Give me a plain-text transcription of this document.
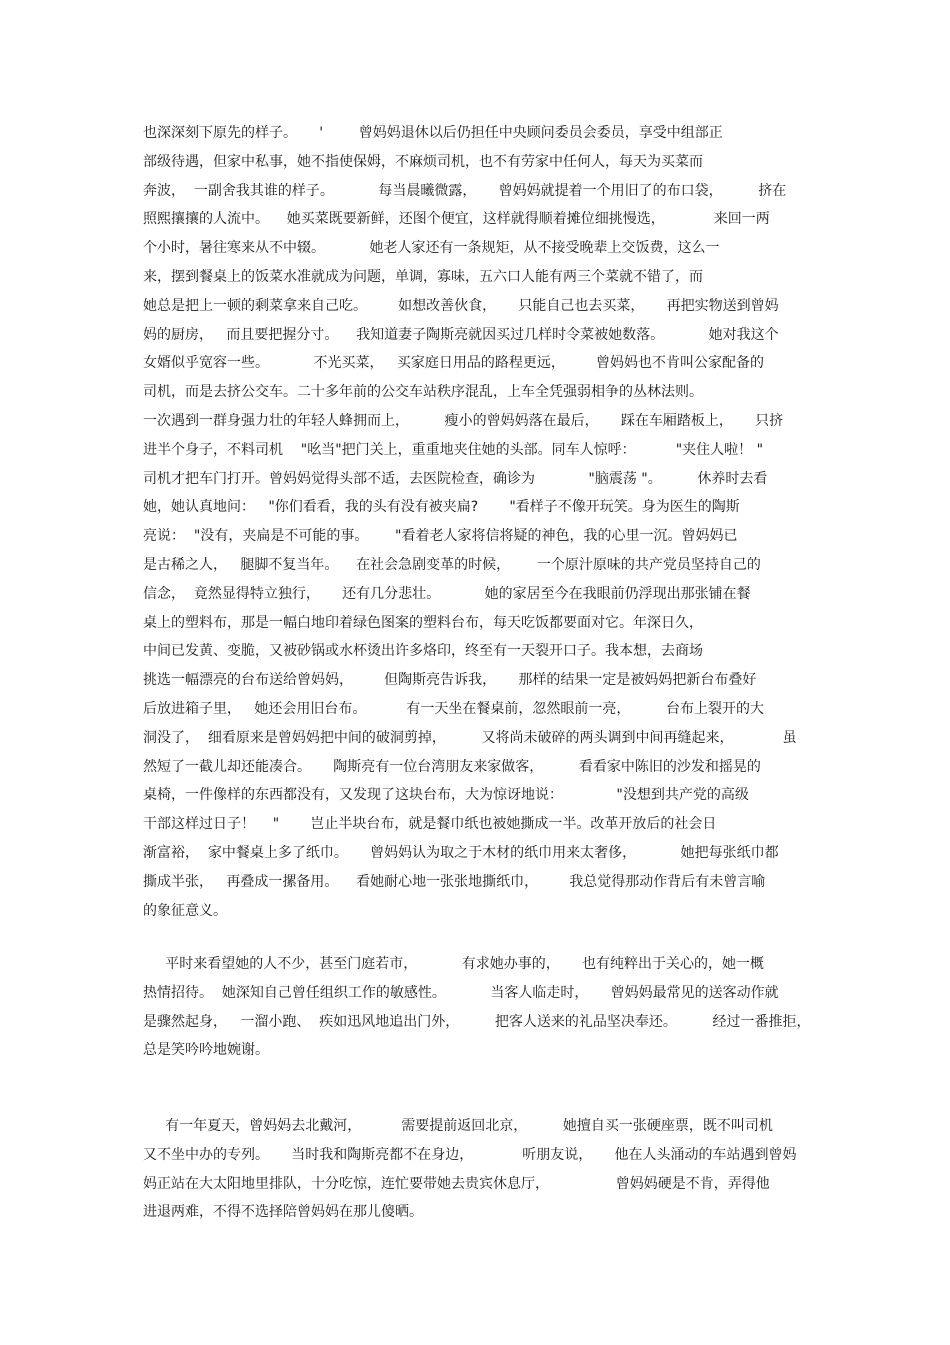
也深深刻下原先的样子。     '        曾妈妈退休以后仍担任中央顾问委员会委员，享受中组部正
部级待遇，但家中私事，她不指使保姆，不麻烦司机，也不有劳家中任何人，每天为买菜而
奔波，  一副舍我其谁的样子。          每当晨曦微露，     曾妈妈就提着一个用旧了的布口袋，        挤在
照熙攘攘的人流中。    她买菜既要新鲜，还图个便宜，这样就得顺着摊位细挑慢选，           来回一两
个小时，暑往寒来从不中辍。          她老人家还有一条规矩，从不接受晚辈上交饭费，这么一
来，摆到餐桌上的饭菜水准就成为问题，单调，寡味，五六口人能有两三个菜就不错了，而
她总是把上一顿的剩菜拿来自己吃。       如想改善伙食，     只能自己也去买菜，     再把实物送到曾妈
妈的厨房，   而且要把握分寸。    我知道妻子陶斯亮就因买过几样时令菜被她数落。          她对我这个
女婿似乎宽容一些。          不光买菜，   买家庭日用品的路程更远，       曾妈妈也不肯叫公家配备的
司机，而是去挤公交车。二十多年前的公交车站秩序混乱，上车全凭强弱相争的丛林法则。
一次遇到一群身强力壮的年轻人蜂拥而上，        瘦小的曾妈妈落在最后，     踩在车厢踏板上，     只挤
进半个身子，不料司机    "吆当"把门关上，重重地夹住她的头部。同车人惊呼：         "夹住人啦！ "
司机才把车门打开。曾妈妈觉得头部不适，去医院检查，确诊为            "脑震荡 "。        休养时去看
她，她认真地问：   "你们看看，我的头有没有被夹扁?       "看样子不像开玩笑。身为医生的陶斯
亮说：  "没有，夹扁是不可能的事。      "看着老人家将信将疑的神色，我的心里一沉。曾妈妈已
是古稀之人，   腿脚不复当年。    在社会急剧变革的时候，      一个原汁原味的共产党员坚持自己的
信念，  竟然显得特立独行，     还有几分悲壮。          她的家居至今在我眼前仍浮现出那张铺在餐
桌上的塑料布，那是一幅白地印着绿色图案的塑料台布，每天吃饭都要面对它。年深日久，
中间已发黄、变脆，又被砂锅或水杯烫出许多烙印，终至有一天裂开口子。我本想，去商场
挑选一幅漂亮的台布送给曾妈妈，       但陶斯亮告诉我，     那样的结果一定是被妈妈把新台布叠好
后放进箱子里，   她还会用旧台布。         有一天坐在餐桌前，忽然眼前一亮，        台布上裂开的大
洞没了，  细看原来是曾妈妈把中间的破洞剪掉，        又将尚未破碎的两头调到中间再缝起来，           虽
然短了一截儿却还能凑合。     陶斯亮有一位台湾朋友来家做客，        看看家中陈旧的沙发和摇晃的
桌椅，一件像样的东西都没有，又发现了这块台布，大为惊讶地说：            "没想到共产党的高级
干部这样过日子！    "       岂止半块台布，就是餐巾纸也被她撕成一半。改革开放后的社会日
渐富裕，  家中餐桌上多了纸巾。     曾妈妈认为取之于木材的纸巾用来太奢侈，          她把每张纸巾都
撕成半张，   再叠成一摞备用。    看她耐心地一张张地撕纸巾，       我总觉得那动作背后有未曾言喻
的象征意义。
平时来看望她的人不少，甚至门庭若市，          有求她办事的，     也有纯粹出于关心的，她一概
热情招待。  她深知自己曾任组织工作的敏感性。          当客人临走时，     曾妈妈最常见的送客动作就
是骤然起身，   一溜小跑、  疾如迅风地追出门外，        把客人送来的礼品坚决奉还。        经过一番推拒，
总是笑吟吟地婉谢。
有一年夏天，曾妈妈去北戴河，         需要提前返回北京，        她擅自买一张硬座票，既不叫司机
又不坐中办的专列。     当时我和陶斯亮都不在身边，           听朋友说，     他在人头涌动的车站遇到曾妈
妈正站在大太阳地里排队，十分吃惊，连忙要带她去贵宾休息厅，               曾妈妈硬是不肯，弄得他
进退两难，不得不选择陪曾妈妈在那儿傻晒。
